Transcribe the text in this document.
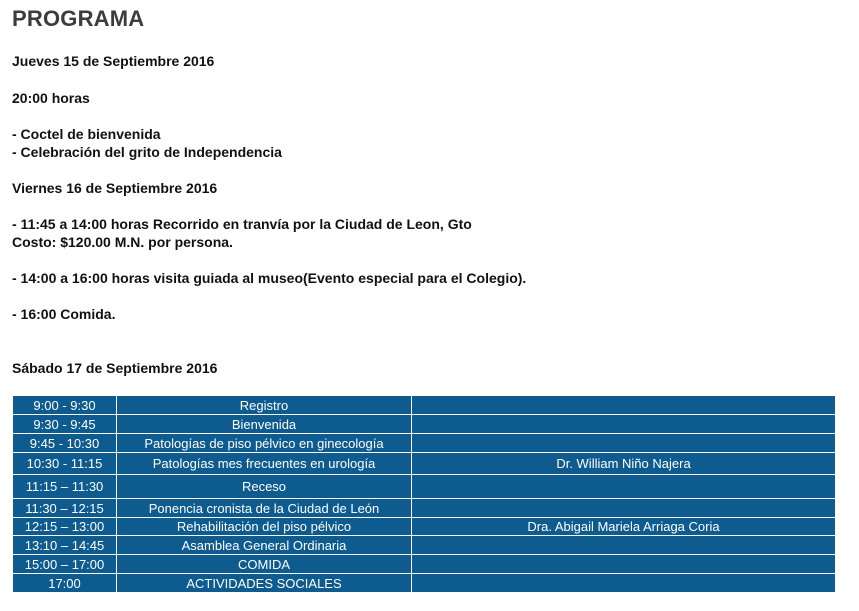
PROGRAMA
Jueves 15 de Septiembre 2016
20:00 horas
- Coctel de bienvenida
- Celebración del grito de Independencia
Viernes 16 de Septiembre 2016
- 11:45 a 14:00 horas Recorrido en tranvía por la Ciudad de Leon, Gto
Costo: $120.00 M.N. por persona.
- 14:00 a 16:00 horas visita guiada al museo(Evento especial para el Colegio).
- 16:00 Comida.
Sábado 17 de Septiembre 2016
9:00 - 9:30	Registro	
9:30 - 9:45	Bienvenida	
9:45 - 10:30	Patologías de piso pélvico en ginecología	
10:30 - 11:15	Patologías mes frecuentes en urología	Dr. William Niño Najera
11:15 – 11:30	Receso	
11:30 – 12:15	Ponencia cronista de la Ciudad de León	
12:15 – 13:00	Rehabilitación del piso pélvico	Dra. Abigail Mariela Arriaga Coria
13:10 – 14:45	Asamblea General Ordinaria	
15:00 – 17:00	COMIDA	
17:00	ACTIVIDADES SOCIALES	
